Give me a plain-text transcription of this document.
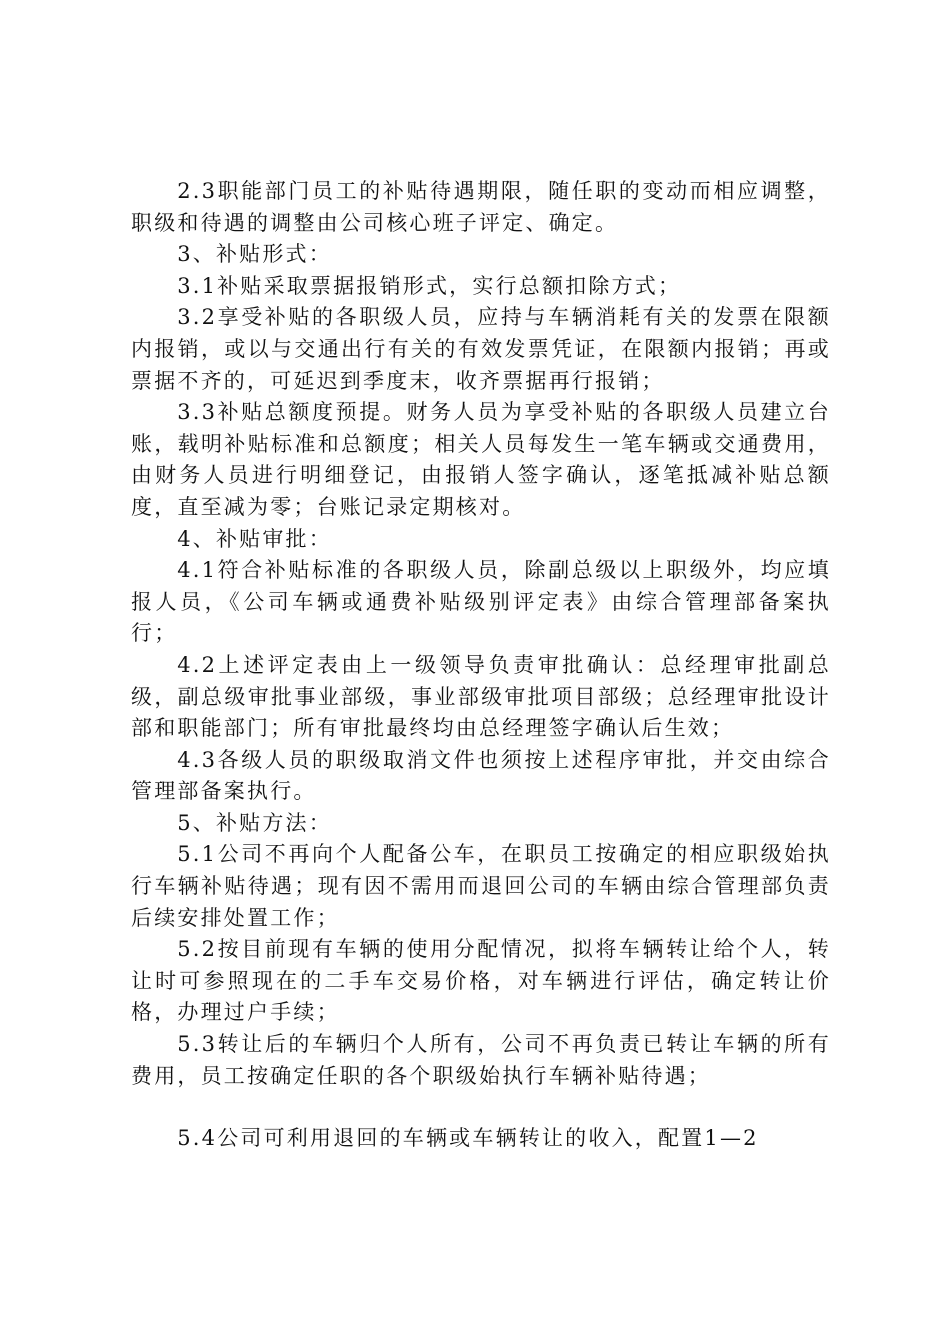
2.3职能部门员工的补贴待遇期限，随任职的变动而相应调整，职级和待遇的调整由公司核心班子评定、确定。

3、补贴形式：

3.1补贴采取票据报销形式，实行总额扣除方式；

3.2享受补贴的各职级人员，应持与车辆消耗有关的发票在限额内报销，或以与交通出行有关的有效发票凭证，在限额内报销；再或票据不齐的，可延迟到季度末，收齐票据再行报销；

3.3补贴总额度预提。财务人员为享受补贴的各职级人员建立台账，载明补贴标准和总额度；相关人员每发生一笔车辆或交通费用，由财务人员进行明细登记，由报销人签字确认，逐笔抵减补贴总额度，直至减为零；台账记录定期核对。

4、补贴审批：

4.1符合补贴标准的各职级人员，除副总级以上职级外，均应填报人员，《公司车辆或通费补贴级别评定表》由综合管理部备案执行；

4.2上述评定表由上一级领导负责审批确认：总经理审批副总级，副总级审批事业部级，事业部级审批项目部级；总经理审批设计部和职能部门；所有审批最终均由总经理签字确认后生效；

4.3各级人员的职级取消文件也须按上述程序审批，并交由综合管理部备案执行。

5、补贴方法：

5.1公司不再向个人配备公车，在职员工按确定的相应职级始执行车辆补贴待遇；现有因不需用而退回公司的车辆由综合管理部负责后续安排处置工作；

5.2按目前现有车辆的使用分配情况，拟将车辆转让给个人，转让时可参照现在的二手车交易价格，对车辆进行评估，确定转让价格，办理过户手续；

5.3转让后的车辆归个人所有，公司不再负责已转让车辆的所有费用，员工按确定任职的各个职级始执行车辆补贴待遇；

5.4公司可利用退回的车辆或车辆转让的收入，配置1—2
